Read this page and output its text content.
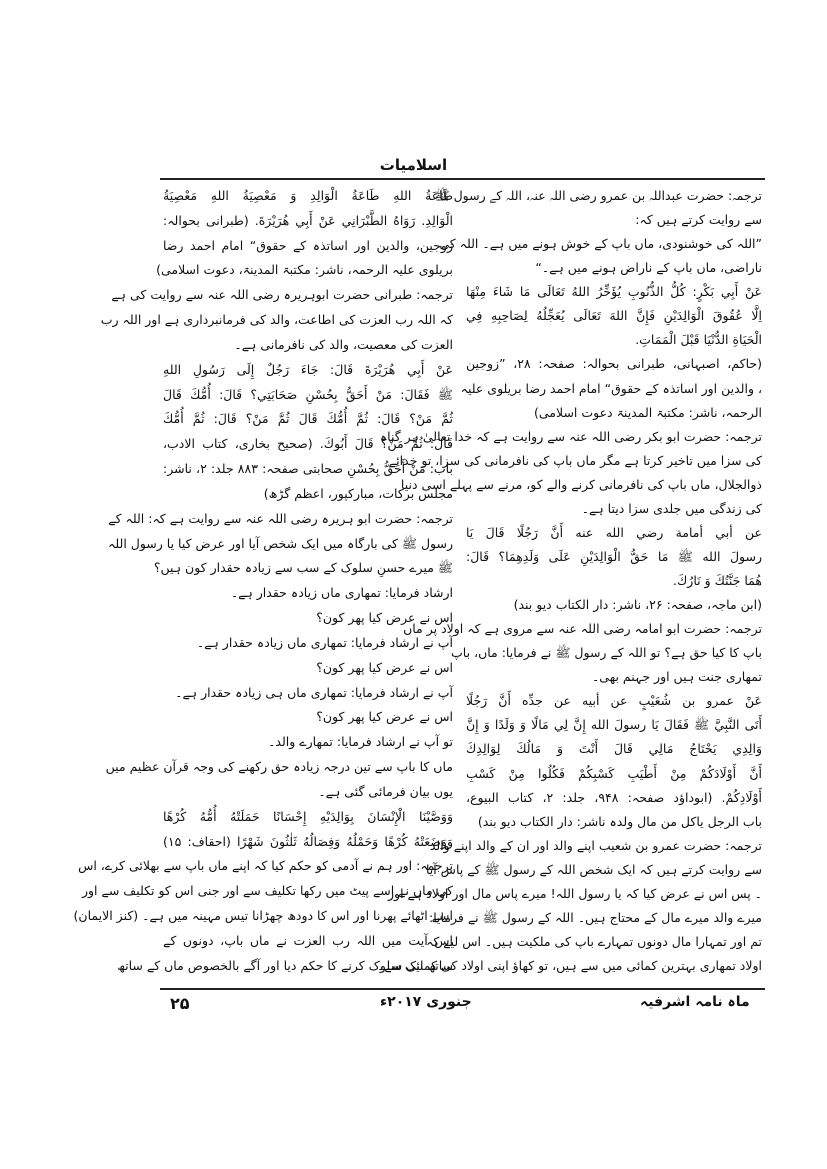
اسلامیات
ترجمہ: حضرت عبداللہ بن عمرو رضی اللہ عنہ، اللہ کے رسول ﷺ
سے روایت کرتے ہیں کہ:
”اللہ کی خوشنودی، ماں باپ کے خوش ہونے میں ہے۔ اللہ کی
ناراضی، ماں باپ کے ناراض ہونے میں ہے۔“
عَنْ أَبِي بَكْرٍ: كُلُّ الذُّنُوبِ يُؤَخِّرُ اللهُ تَعَالَى مَا شَاءَ مِنْهَا
اِلَّا عُقُوقَ الْوَالِدَيْنِ فَإِنَّ اللهَ تَعَالَى يُعَجِّلُهُ لِصَاحِبِهِ فِي
الْحَيَاةِ الدُّنْيَا قَبْلَ الْمَمَاتِ.
(حاکم، اصبہانی، طبرانی بحوالہ: صفحہ: ۲۸، ”زوجین
، والدین اور اساتذہ کے حقوق“ امام احمد رضا بریلوی علیہ
الرحمہ، ناشر: مکتبۃ المدینۃ دعوت اسلامی)
ترجمہ: حضرت ابو بکر رضی اللہ عنہ سے روایت ہے کہ خدا تعالیٰ ہر گناہ
کی سزا میں تاخیر کرتا ہے مگر ماں باپ کی نافرمانی کی سزا، تو خدائے
ذوالجلال، ماں باپ کی نافرمانی کرنے والے کو، مرنے سے پہلے اسی دنیا
کی زندگی میں جلدی سزا دیتا ہے۔
عن أبي أمامة رضي الله عنه أَنَّ رَجُلًا قَالَ يَا
رسولَ الله ﷺ مَا حَقُّ الْوَالِدَيْنِ عَلَى وَلَدِهِمَا؟ قَالَ:
هُمَا جَنَّتُكَ وَ نَارُكَ.
(ابن ماجہ، صفحہ: ۲۶، ناشر: دار الکتاب دیو بند)
ترجمہ: حضرت ابو امامہ رضی اللہ عنہ سے مروی ہے کہ اولاد پر ماں
باپ کا کیا حق ہے؟ تو اللہ کے رسول ﷺ نے فرمایا: ماں، باپ
تمھاری جنت ہیں اور جہنم بھی۔
عَنْ عمرو بن شُعَيْبٍ عن أبيه عن جدِّه أَنَّ رَجُلًا
أَتَى النَّبِيَّ ﷺ فَقَالَ يَا رسولَ الله إِنَّ لِي مَالًا وَ وَلَدًا وَ إِنَّ
وَالِدِي يَحْتَاجُ مَالِي قَالَ أَنْتَ وَ مَالُكَ لِوَالِدِكَ
أَنَّ أَوْلَادَكُمْ مِنْ أَطْيَبِ كَسْبِكُمْ فَكُلُوا مِنْ كَسْبِ
أَوْلَادِكُمْ. (ابوداؤد صفحہ: ۹۴۸، جلد: ۲، کتاب البیوع،
باب الرجل یاکل من مال ولدہ ناشر: دار الکتاب دیو بند)
ترجمہ: حضرت عمرو بن شعیب اپنے والد اور ان کے والد اپنے والد
سے روایت کرتے ہیں کہ ایک شخص اللہ کے رسول ﷺ کے پاس آیا
۔ پس اس نے عرض کیا کہ یا رسول اللہ! میرے پاس مال اور اولاد ہے اور
میرے والد میرے مال کے محتاج ہیں۔ اللہ کے رسول ﷺ نے فرمایا:
تم اور تمہارا مال دونوں تمہارے باپ کی ملکیت ہیں۔ اس لیے کہ
اولاد تمھاری بہترین کمائی میں سے ہیں، تو کھاؤ اپنی اولاد کی کمائی سے۔
طَاعَةُ اللهِ طَاعَةُ الْوَالِدِ وَ مَعْصِيَةُ اللهِ مَعْصِيَةُ
الْوَالِدِ. رَوَاهُ الطَّبْرَانِي عَنْ أَبِي هُرَيْرَةَ. (طبرانی بحوالہ:
زوجین، والدین اور اساتذہ کے حقوق“ امام احمد رضا
بریلوی علیہ الرحمہ، ناشر: مکتبۃ المدینۃ، دعوت اسلامی)
ترجمہ: طبرانی حضرت ابوہریرہ رضی اللہ عنہ سے روایت کی ہے
کہ اللہ رب العزت کی اطاعت، والد کی فرمانبرداری ہے اور اللہ رب
العزت کی معصیت، والد کی نافرمانی ہے۔
عَنْ أَبِي هُرَيْرَةَ قَالَ: جَاءَ رَجُلٌ إِلَى رَسُولِ اللهِ
ﷺ فَقَالَ: مَنْ أَحَقُّ بِحُسْنِ صَحَابَتِي؟ قَالَ: أُمُّكَ قَالَ
ثُمَّ مَنْ؟ قَالَ: ثُمَّ أُمُّكَ قَالَ ثُمَّ مَنْ؟ قَالَ: ثُمَّ أُمُّكَ
قَالَ: ثُمَّ مَنْ؟ قَالَ أَبُوكَ. (صحیح بخاری، کتاب الادب،
باب: مَنْ أَحَقُّ بِحُسْنِ صحابتی صفحہ: ۸۸۳ جلد: ۲، ناشر:
مجلس برکات، مبارکپور، اعظم گڑھ)
ترجمہ: حضرت ابو ہریرہ رضی اللہ عنہ سے روایت ہے کہ: اللہ کے
رسول ﷺ کی بارگاہ میں ایک شخص آیا اور عرض کیا یا رسول اللہ
ﷺ میرے حسنِ سلوک کے سب سے زیادہ حقدار کون ہیں؟
ارشاد فرمایا: تمھاری ماں زیادہ حقدار ہے۔
اس نے عرض کیا پھر کون؟
آپ نے ارشاد فرمایا: تمھاری ماں زیادہ حقدار ہے۔
اس نے عرض کیا پھر کون؟
آپ نے ارشاد فرمایا: تمھاری ماں ہی زیادہ حقدار ہے۔
اس نے عرض کیا پھر کون؟
تو آپ نے ارشاد فرمایا: تمھارے والد۔
ماں کا باپ سے تین درجہ زیادہ حق رکھنے کی وجہ قرآن عظیم میں
یوں بیان فرمائی گئی ہے۔
وَوَصَّيْنَا الْإِنْسَانَ بِوَالِدَيْهِ إِحْسَانًا حَمَلَتْهُ أُمُّهُ كُرْهًا
وَوَضَعَتْهُ كُرْهًا وَحَمْلُهُ وَفِصَالُهُ ثَلٰثُونَ شَهْرًا (احقاف: ۱۵)
ترجمہ: اور ہم نے آدمی کو حکم کیا کہ اپنے ماں باپ سے بھلائی کرے، اس
کی ماں نے اسے پیٹ میں رکھا تکلیف سے اور جنی اس کو تکلیف سے اور
اسے اٹھائے پھرنا اور اس کا دودھ چھڑانا تیس مہینہ میں ہے۔ (کنز الایمان)
اس آیت میں اللہ رب العزت نے ماں باپ، دونوں کے
ساتھ نیک سلوک کرنے کا حکم دیا اور آگے بالخصوص ماں کے ساتھ
ماہ نامہ اشرفیہ
جنوری ۲۰۱۷ء
۲۵
